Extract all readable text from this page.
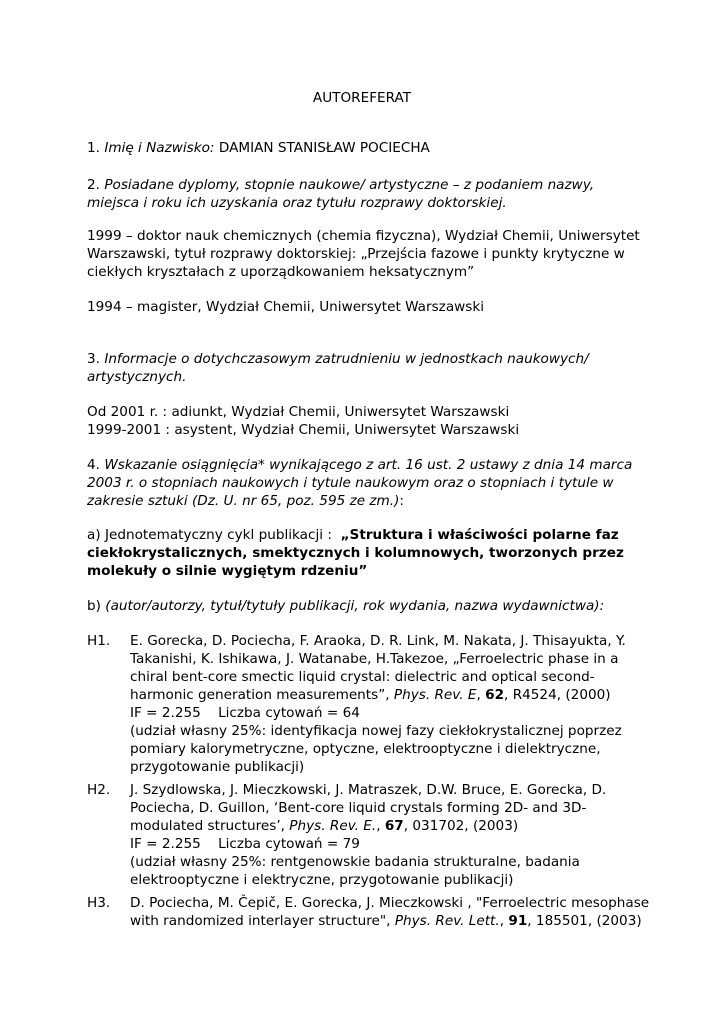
AUTOREFERAT

1. Imię i Nazwisko: DAMIAN STANISŁAW POCIECHA

2. Posiadane dyplomy, stopnie naukowe/ artystyczne – z podaniem nazwy, miejsca i roku ich uzyskania oraz tytułu rozprawy doktorskiej.

1999 – doktor nauk chemicznych (chemia fizyczna), Wydział Chemii, Uniwersytet Warszawski, tytuł rozprawy doktorskiej: „Przejścia fazowe i punkty krytyczne w ciekłych kryształach z uporządkowaniem heksatycznym”

1994 – magister, Wydział Chemii, Uniwersytet Warszawski

3. Informacje o dotychczasowym zatrudnieniu w jednostkach naukowych/ artystycznych.

Od 2001 r. : adiunkt, Wydział Chemii, Uniwersytet Warszawski

1999-2001 : asystent, Wydział Chemii, Uniwersytet Warszawski

4. Wskazanie osiągnięcia* wynikającego z art. 16 ust. 2 ustawy z dnia 14 marca 2003 r. o stopniach naukowych i tytule naukowym oraz o stopniach i tytule w zakresie sztuki (Dz. U. nr 65, poz. 595 ze zm.):

a) Jednotematyczny cykl publikacji : „Struktura i właściwości polarne faz ciekłokrystalicznych, smektycznych i kolumnowych, tworzonych przez molekuły o silnie wygiętym rdzeniu”

b) (autor/autorzy, tytuł/tytuły publikacji, rok wydania, nazwa wydawnictwa):

H1. E. Gorecka, D. Pociecha, F. Araoka, D. R. Link, M. Nakata, J. Thisayukta, Y. Takanishi, K. Ishikawa, J. Watanabe, H.Takezoe, „Ferroelectric phase in a chiral bent-core smectic liquid crystal: dielectric and optical second-harmonic generation measurements”, Phys. Rev. E, 62, R4524, (2000)

IF = 2.255 Liczba cytowań = 64

(udział własny 25%: identyfikacja nowej fazy ciekłokrystalicznej poprzez pomiary kalorymetryczne, optyczne, elektrooptyczne i dielektryczne, przygotowanie publikacji)

H2. J. Szydlowska, J. Mieczkowski, J. Matraszek, D.W. Bruce, E. Gorecka, D. Pociecha, D. Guillon, ‘Bent-core liquid crystals forming 2D- and 3D- modulated structures’, Phys. Rev. E., 67, 031702, (2003)

IF = 2.255 Liczba cytowań = 79

(udział własny 25%: rentgenowskie badania strukturalne, badania elektrooptyczne i elektryczne, przygotowanie publikacji)

H3. D. Pociecha, M. Čepič, E. Gorecka, J. Mieczkowski , "Ferroelectric mesophase with randomized interlayer structure", Phys. Rev. Lett., 91, 185501, (2003)
